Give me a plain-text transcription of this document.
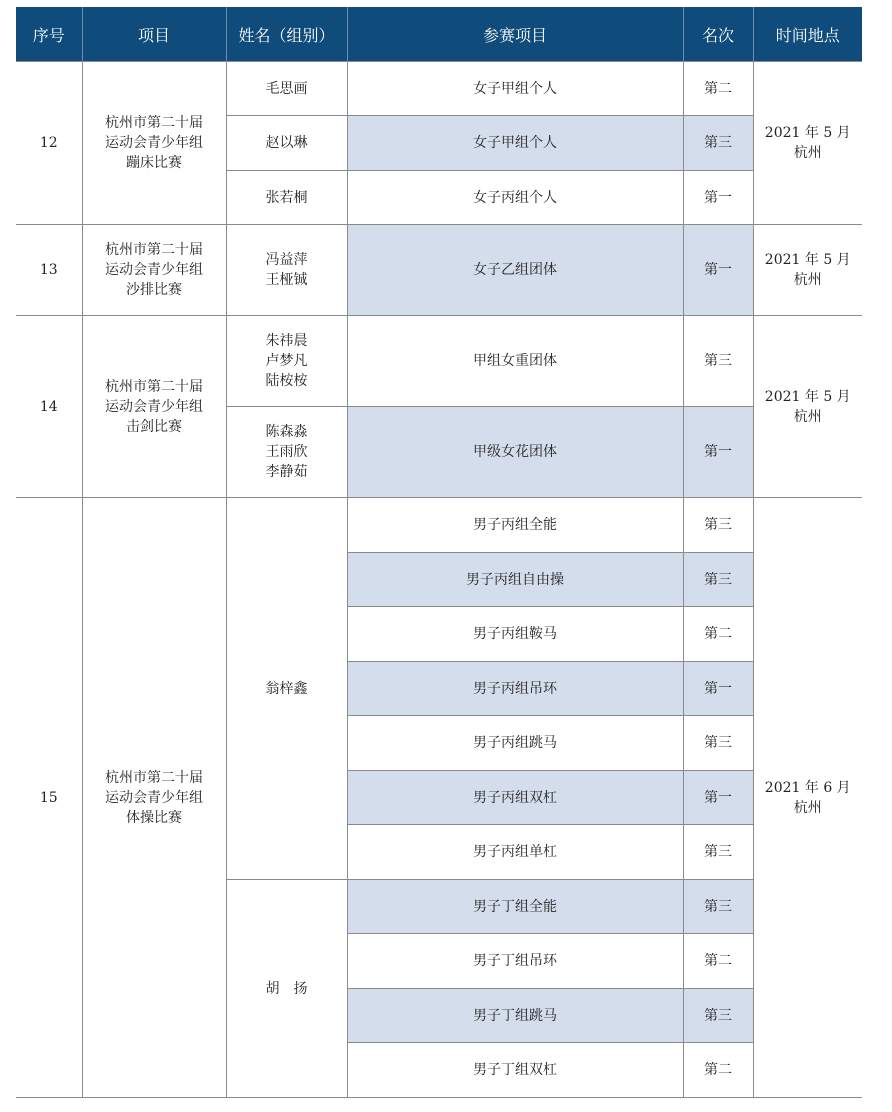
序号	项目	姓名（组别）	参赛项目	名次	时间地点
12	杭州市第二十届
运动会青少年组
蹦床比赛	毛思画	女子甲组个人	第二	2021 年 5 月
杭州
		赵以琳	女子甲组个人	第三	
		张若桐	女子丙组个人	第一	
13	杭州市第二十届
运动会青少年组
沙排比赛	冯益萍
王桠铖	女子乙组团体	第一	2021 年 5 月
杭州
14	杭州市第二十届
运动会青少年组
击剑比赛	朱祎晨
卢梦凡
陆桉桉	甲组女重团体	第三	2021 年 5 月
杭州
		陈森淼
王雨欣
李静茹	甲级女花团体	第一	
15	杭州市第二十届
运动会青少年组
体操比赛	翁梓鑫	男子丙组全能	第三	2021 年 6 月
杭州
			男子丙组自由操	第三	
			男子丙组鞍马	第二	
			男子丙组吊环	第一	
			男子丙组跳马	第三	
			男子丙组双杠	第一	
			男子丙组单杠	第三	
		胡　扬	男子丁组全能	第三	
			男子丁组吊环	第二	
			男子丁组跳马	第三	
			男子丁组双杠	第二	
